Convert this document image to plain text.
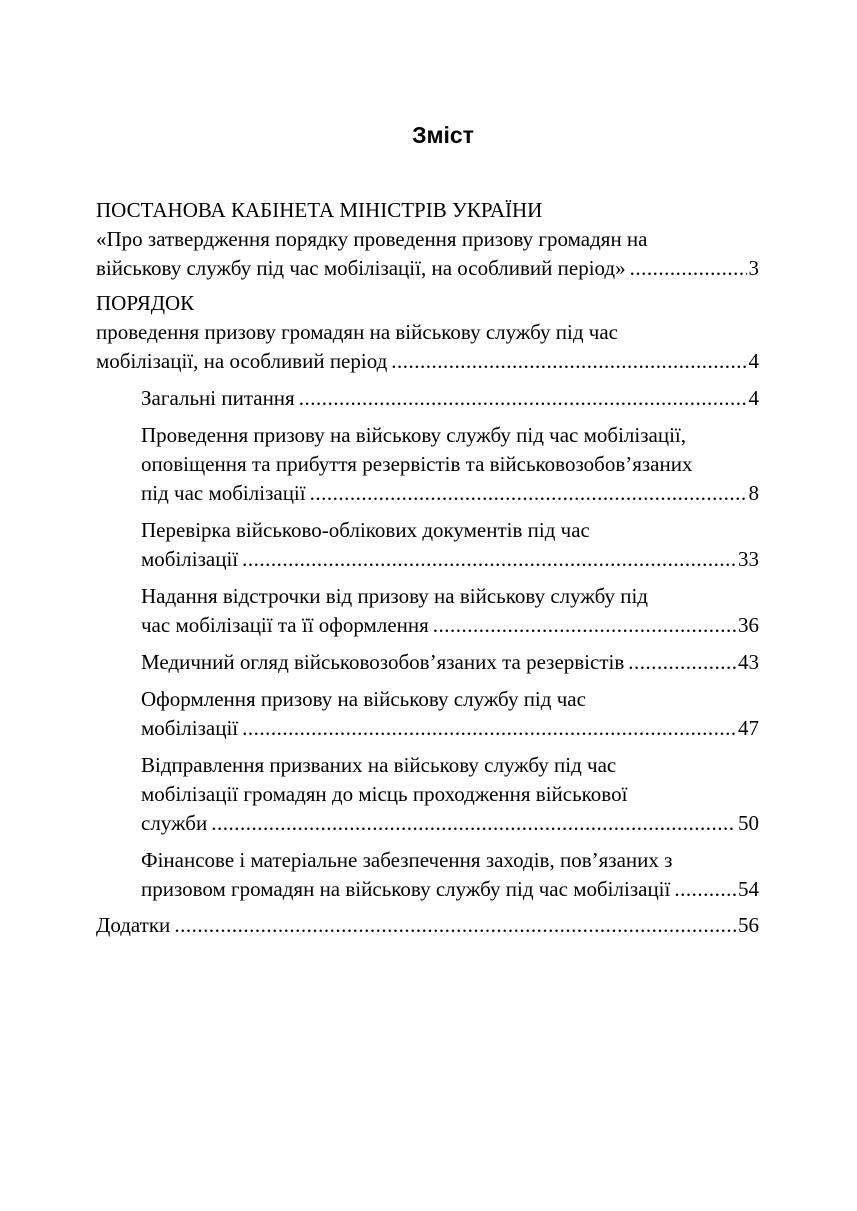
Зміст
ПОСТАНОВА КАБІНЕТА МІНІСТРІВ УКРАЇНИ
«Про затвердження порядку проведення призову громадян на
військову службу під час мобілізації, на особливий період» .....	3
ПОРЯДОК
проведення призову громадян на військову службу під час
мобілізації, на особливий період .....	4
Загальні питання .....	4
Проведення призову на військову службу під час мобілізації,
оповіщення та прибуття резервістів та військовозобов’язаних
під час мобілізації .....	8
Перевірка військово-облікових документів під час
мобілізації .....	33
Надання відстрочки від призову на військову службу під
час мобілізації та її оформлення .....	36
Медичний огляд військовозобов’язаних та резервістів .....	43
Оформлення призову на військову службу під час
мобілізації .....	47
Відправлення призваних на військову службу під час
мобілізації громадян до місць проходження військової
служби .....	50
Фінансове і матеріальне забезпечення заходів, пов’язаних з
призовом громадян на військову службу під час мобілізації .....	54
Додатки .....	56
